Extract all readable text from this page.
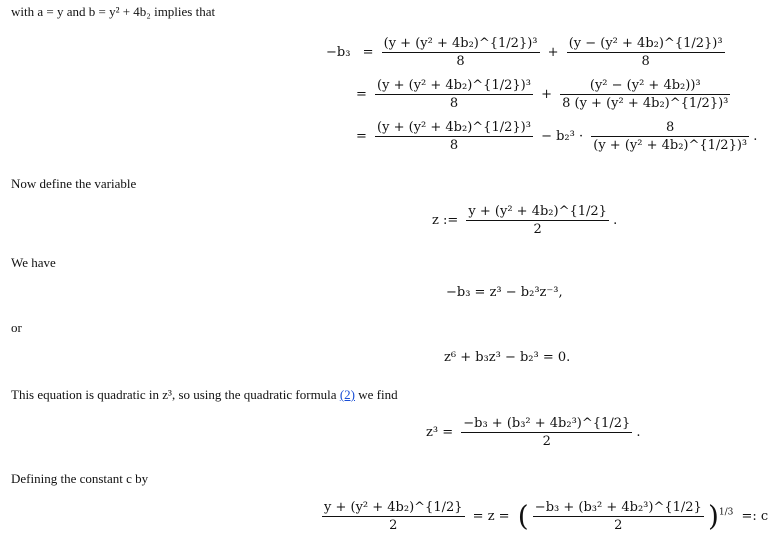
with a = y and b = y² + 4b₂ implies that
$-b_3 = \frac{\text{(y + (y² + 4b₂)\textasciicircum{}\{1/2\})³}}{8} + \frac{\text{(y − (y² + 4b₂)\textasciicircum{}\{1/2\})³}}{8}$
= $\frac{\text{(y + (y² + 4b₂)\textasciicircum{}\{1/2\})³}}{8} + \frac{\text{(y² − (y² + 4b₂))³}}{\text{8 (y + (y² + 4b₂)\textasciicircum{}\{1/2\})³}}$
= $\frac{\text{(y + (y² + 4b₂)\textasciicircum{}\{1/2\})³}}{8} - b_2^3 \cdot \frac{8}{\text{(y + (y² + 4b₂)\textasciicircum{}\{1/2\})³}}$ .
Now define the variable
z := $\frac{\text{y + (y² + 4b₂)\textasciicircum{}\{1/2\}}}{2}$ .
We have
−b₃ = z³ − b₂³z⁻³,
or
z⁶ + b₃z³ − b₂³ = 0.
This equation is quadratic in z³, so using the quadratic formula (2) we find
$z^3 = \frac{\text{−b₃ + (b₃² + 4b₂³)\textasciicircum{}\{1/2\}}}{2}$ .
Defining the constant c by
$\frac{\text{y + (y² + 4b₂)\textasciicircum{}\{1/2\}}}{2} = z$ = ( $\frac{\text{−b₃ + (b₃² + 4b₂³)\textasciicircum{}\{1/2\}}}{2} )^{1/3}$ =: c
